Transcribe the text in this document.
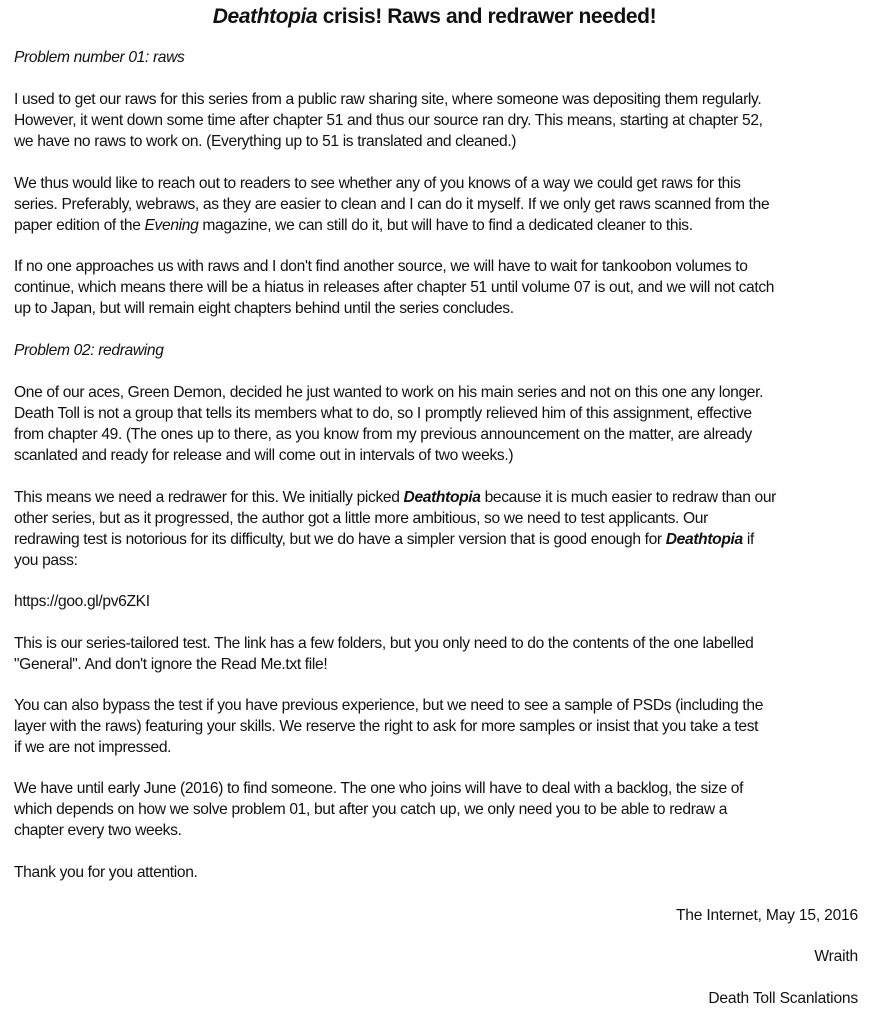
Deathtopia crisis! Raws and redrawer needed!
Problem number 01: raws
I used to get our raws for this series from a public raw sharing site, where someone was depositing them regularly.
However, it went down some time after chapter 51 and thus our source ran dry. This means, starting at chapter 52,
we have no raws to work on. (Everything up to 51 is translated and cleaned.)
We thus would like to reach out to readers to see whether any of you knows of a way we could get raws for this
series. Preferably, webraws, as they are easier to clean and I can do it myself. If we only get raws scanned from the
paper edition of the Evening magazine, we can still do it, but will have to find a dedicated cleaner to this.
If no one approaches us with raws and I don't find another source, we will have to wait for tankoobon volumes to
continue, which means there will be a hiatus in releases after chapter 51 until volume 07 is out, and we will not catch
up to Japan, but will remain eight chapters behind until the series concludes.
Problem 02: redrawing
One of our aces, Green Demon, decided he just wanted to work on his main series and not on this one any longer.
Death Toll is not a group that tells its members what to do, so I promptly relieved him of this assignment, effective
from chapter 49. (The ones up to there, as you know from my previous announcement on the matter, are already
scanlated and ready for release and will come out in intervals of two weeks.)
This means we need a redrawer for this. We initially picked Deathtopia because it is much easier to redraw than our
other series, but as it progressed, the author got a little more ambitious, so we need to test applicants. Our
redrawing test is notorious for its difficulty, but we do have a simpler version that is good enough for Deathtopia if
you pass:
https://goo.gl/pv6ZKI
This is our series-tailored test. The link has a few folders, but you only need to do the contents of the one labelled
"General". And don't ignore the Read Me.txt file!
You can also bypass the test if you have previous experience, but we need to see a sample of PSDs (including the
layer with the raws) featuring your skills. We reserve the right to ask for more samples or insist that you take a test
if we are not impressed.
We have until early June (2016) to find someone. The one who joins will have to deal with a backlog, the size of
which depends on how we solve problem 01, but after you catch up, we only need you to be able to redraw a
chapter every two weeks.
Thank you for you attention.
The Internet, May 15, 2016
Wraith
Death Toll Scanlations
